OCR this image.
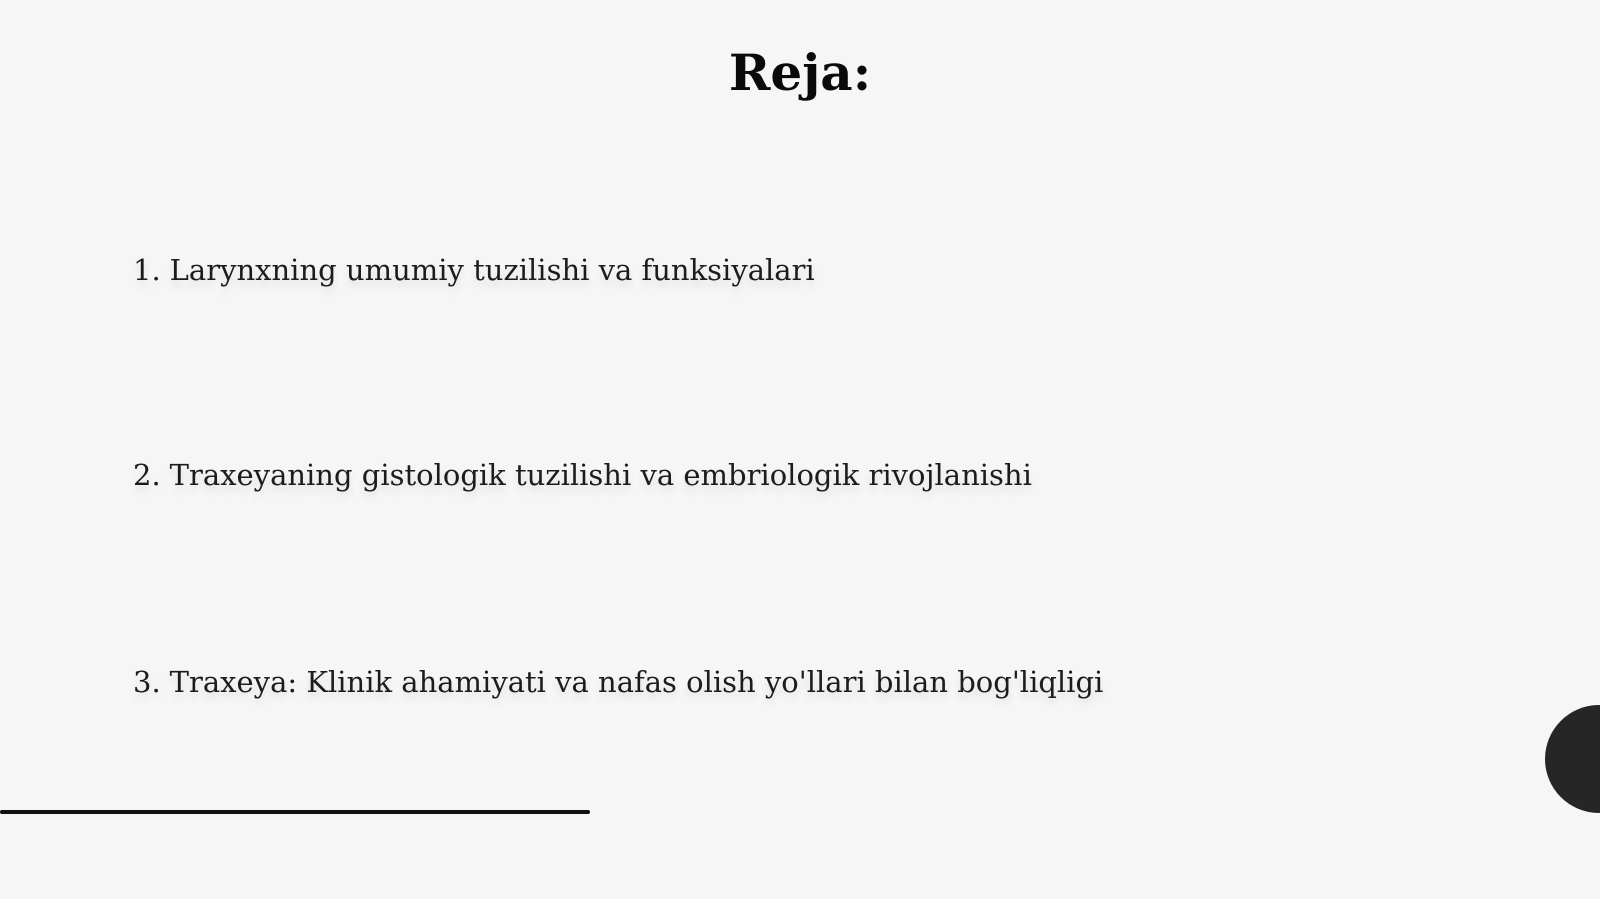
Reja:
1. Larynxning umumiy tuzilishi va funksiyalari
2. Traxeyaning gistologik tuzilishi va embriologik rivojlanishi
3. Traxeya: Klinik ahamiyati va nafas olish yo'llari bilan bog'liqligi
